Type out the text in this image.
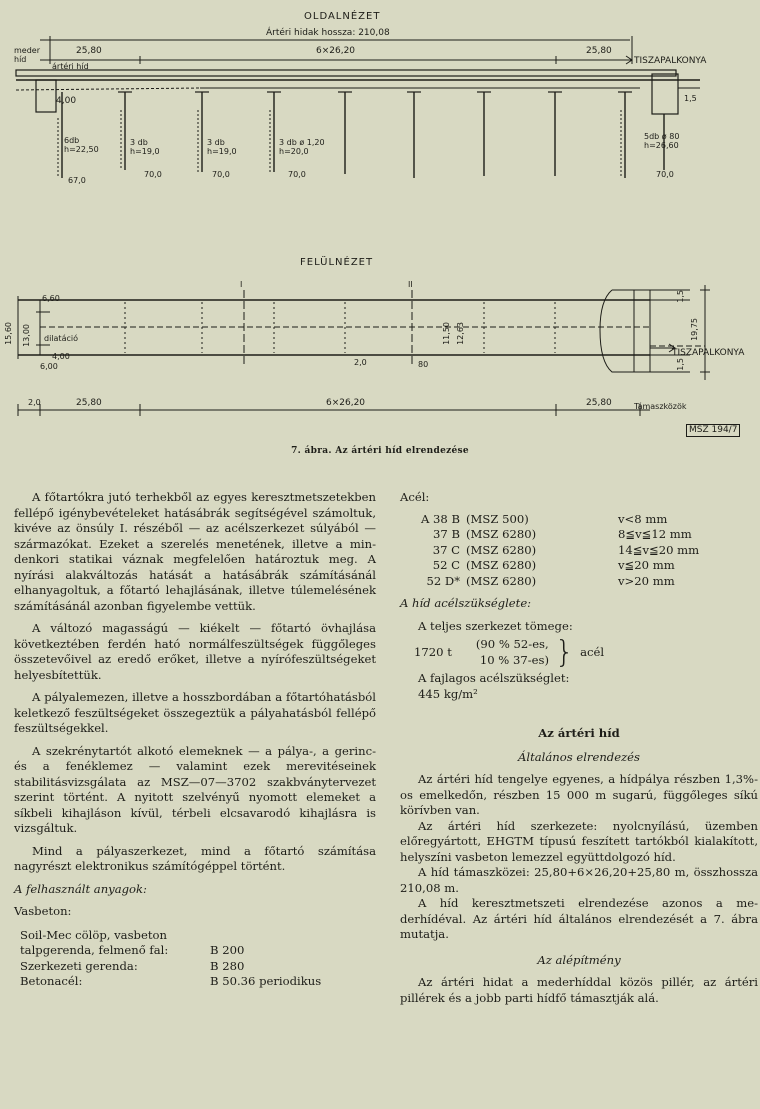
OLDALNÉZET
Ártéri hidak hossza: 210,08
25,80	6×26,20	25,80
meder
híd
ártéri híd
TISZAPALKONYA
4,00	1,5
6db
h=22,50
3 db
h=19,0
3 db
h=19,0
3 db ø 1,20
h=20,0
5db ø 80
h=26,60
67,0
70,0	70,0	70,0	70,0
FELÜLNÉZET
6,60
15,60 13,00
4,00
6,00
dilatáció
I	II
2,0	80
11,50 12,63
1,5
19,75
1,5
TISZAPALKONYA
2,0	25,80	6×26,20	25,80	Támaszközök
MSZ 194/7
7. ábra. Az ártéri híd elrendezése

A főtartókra jutó terhekből az egyes keresztmetszetekben fellépő igénybevételeket hatásábrák segítségével számoltuk, kivéve az önsúly I. részéből — az acélszerkezet súlyából — származókat. Ezeket a szerelés menetének, illetve a mindenkori statikai váznak megfelelően határoztuk meg. A nyírási alakváltozás hatását a hatásábrák számításánál elhanyagoltuk, a főtartó lehajlásának, illetve túlemelésének számításánál azonban figyelembe vettük.

A változó magasságú — kiékelt — főtartó övhajlása következtében ferdén ható normálfeszültségek függőleges összetevőivel az eredő erőket, illetve a nyírófeszültségeket helyesbítettük.

A pályalemezen, illetve a hosszbordában a főtartóhatásból keletkező feszültségeket összegeztük a pályahatásból fellépő feszültségekkel.

A szekrénytartót alkotó elemeknek — a pálya-, a gerinc- és a fenéklemez — valamint ezek merevitéseinek stabilitásvizsgálata az MSZ—07—3702 szakbványtervezet szerint történt. A nyitott szelvényű nyomott elemeket a síkbeli kihajláson kívül, térbeli elcsavarodó kihajlásra is vizsgáltuk.

Mind a pályaszerkezet, mind a főtartó számítása nagyrészt elektronikus számítógéppel történt.

A felhasznált anyagok:

Vasbeton:

Soil-Mec cölöp, vasbeton
talpgerenda, felmenő fal:	B 200
Szerkezeti gerenda:	B 280
Betonacél:	B 50.36 periodikus

Acél:

A 38 B (MSZ 500)	v<8 mm
37 B (MSZ 6280)	8≦v≦12 mm
37 C (MSZ 6280)	14≦v≦20 mm
52 C (MSZ 6280)	v≦20 mm
52 D* (MSZ 6280)	v>20 mm

A híd acélszükséglete:

A teljes szerkezet tömege:

1720 t
(90 % 52-es,
10 % 37-es) } acél

A fajlagos acélszükséglet:

445 kg/m²

Az ártéri híd

Általános elrendezés

Az ártéri híd tengelye egyenes, a hídpálya részben 1,3%-os emelkedőn, részben 15 000 m sugarú, függőleges síkú körívben van.

Az ártéri híd szerkezete: nyolcnyílású, üzemben előregyártott, EHGTM típusú feszített tartókból kialakított, helyszíni vasbeton lemezzel együttdolgozó híd.

A híd támaszközei: 25,80+6×26,20+25,80 m, összhossza 210,08 m.

A híd keresztmetszeti elrendezése azonos a mederhídéval. Az ártéri híd általános elrendezését a 7. ábra mutatja.

Az alépítmény

Az ártéri hidat a mederhíddal közös pillér, az ártéri pillérek és a jobb parti hídfő támasztják alá.
